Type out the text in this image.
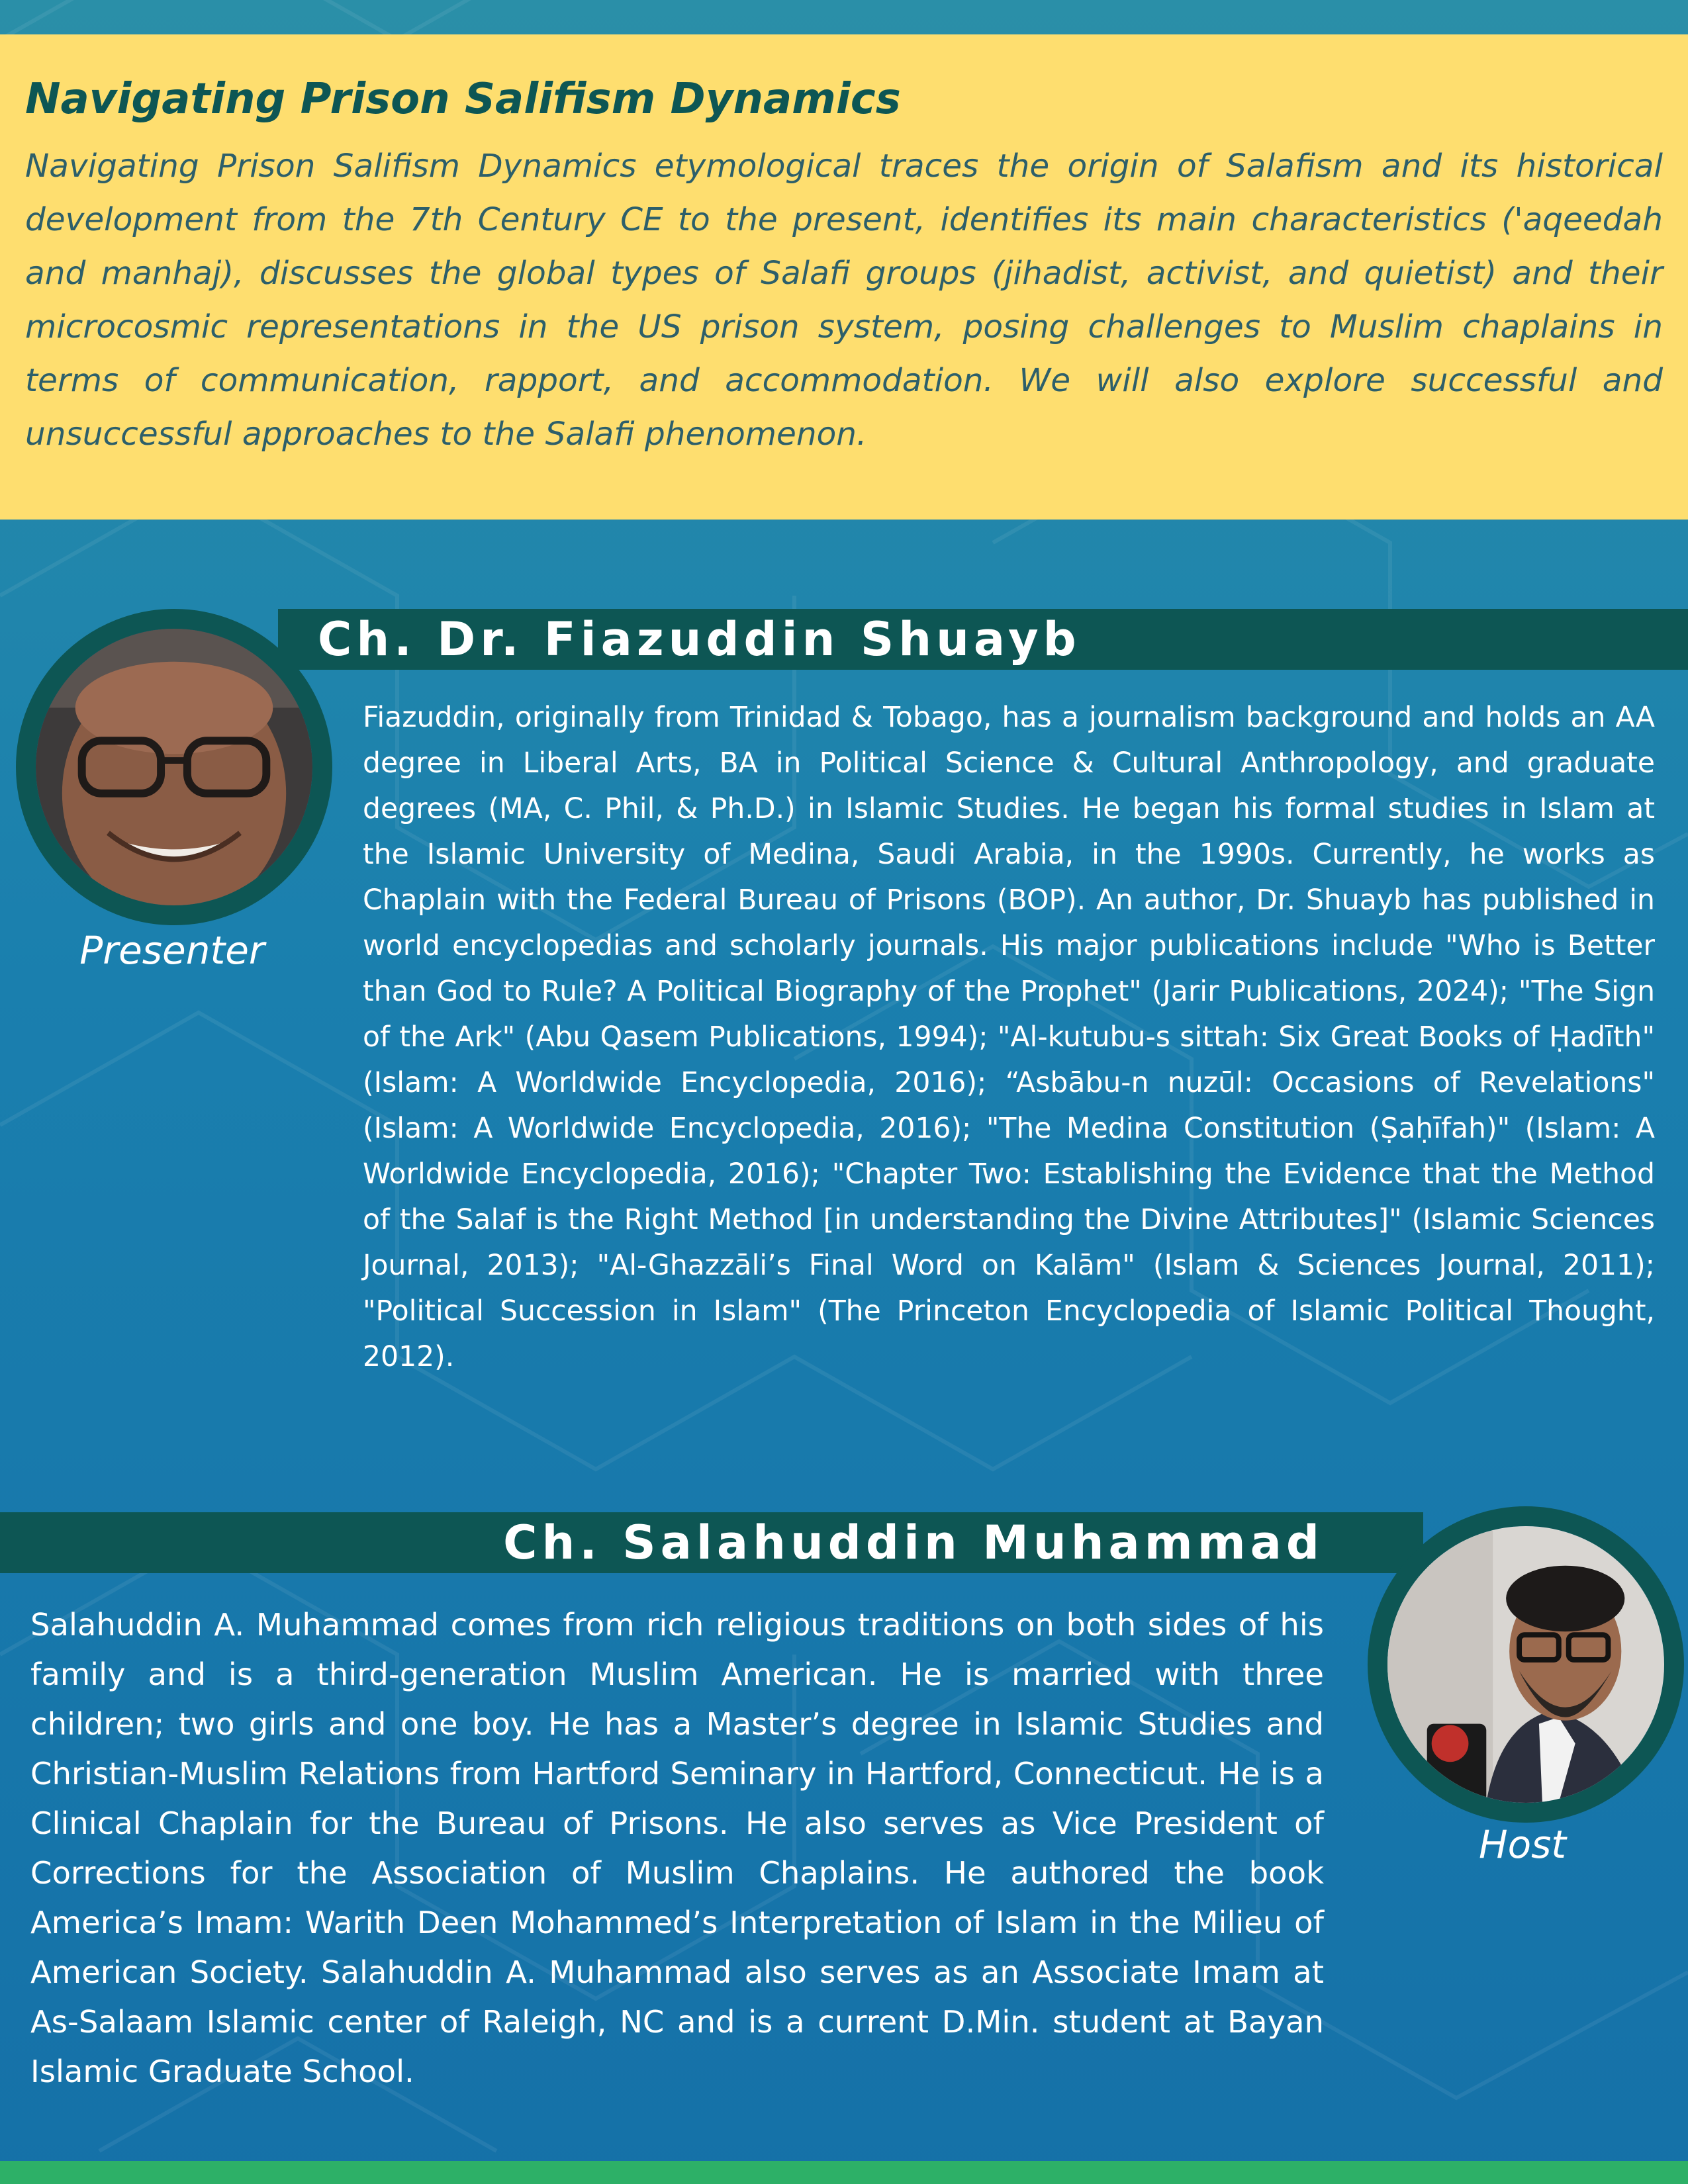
Navigating Prison Salifism Dynamics

Navigating Prison Salifism Dynamics etymological traces the origin of Salafism and its historical development from the 7th Century CE to the present, identifies its main characteristics ('aqeedah and manhaj), discusses the global types of Salafi groups (jihadist, activist, and quietist) and their microcosmic representations in the US prison system, posing challenges to Muslim chaplains in terms of communication, rapport, and accommodation. We will also explore successful and unsuccessful approaches to the Salafi phenomenon.

Ch. Dr. Fiazuddin Shuayb
Presenter

Fiazuddin, originally from Trinidad & Tobago, has a journalism background and holds an AA degree in Liberal Arts, BA in Political Science & Cultural Anthropology, and graduate degrees (MA, C. Phil, & Ph.D.) in Islamic Studies. He began his formal studies in Islam at the Islamic University of Medina, Saudi Arabia, in the 1990s. Currently, he works as Chaplain with the Federal Bureau of Prisons (BOP). An author, Dr. Shuayb has published in world encyclopedias and scholarly journals. His major publications include "Who is Better than God to Rule? A Political Biography of the Prophet" (Jarir Publications, 2024); "The Sign of the Ark" (Abu Qasem Publications, 1994); "Al-kutubu-s sittah: Six Great Books of Ḥadīth" (Islam: A Worldwide Encyclopedia, 2016); “Asbābu-n nuzūl: Occasions of Revelations" (Islam: A Worldwide Encyclopedia, 2016); "The Medina Constitution (Ṣaḥīfah)" (Islam: A Worldwide Encyclopedia, 2016); "Chapter Two: Establishing the Evidence that the Method of the Salaf is the Right Method [in understanding the Divine Attributes]" (Islamic Sciences Journal, 2013); "Al-Ghazzāli’s Final Word on Kalām" (Islam & Sciences Journal, 2011); "Political Succession in Islam" (The Princeton Encyclopedia of Islamic Political Thought, 2012).

Ch. Salahuddin Muhammad
Host

Salahuddin A. Muhammad comes from rich religious traditions on both sides of his family and is a third-generation Muslim American. He is married with three children; two girls and one boy. He has a Master’s degree in Islamic Studies and Christian-Muslim Relations from Hartford Seminary in Hartford, Connecticut. He is a Clinical Chaplain for the Bureau of Prisons. He also serves as Vice President of Corrections for the Association of Muslim Chaplains. He authored the book America’s Imam: Warith Deen Mohammed’s Interpretation of Islam in the Milieu of American Society. Salahuddin A. Muhammad also serves as an Associate Imam at As-Salaam Islamic center of Raleigh, NC and is a current D.Min. student at Bayan Islamic Graduate School.
